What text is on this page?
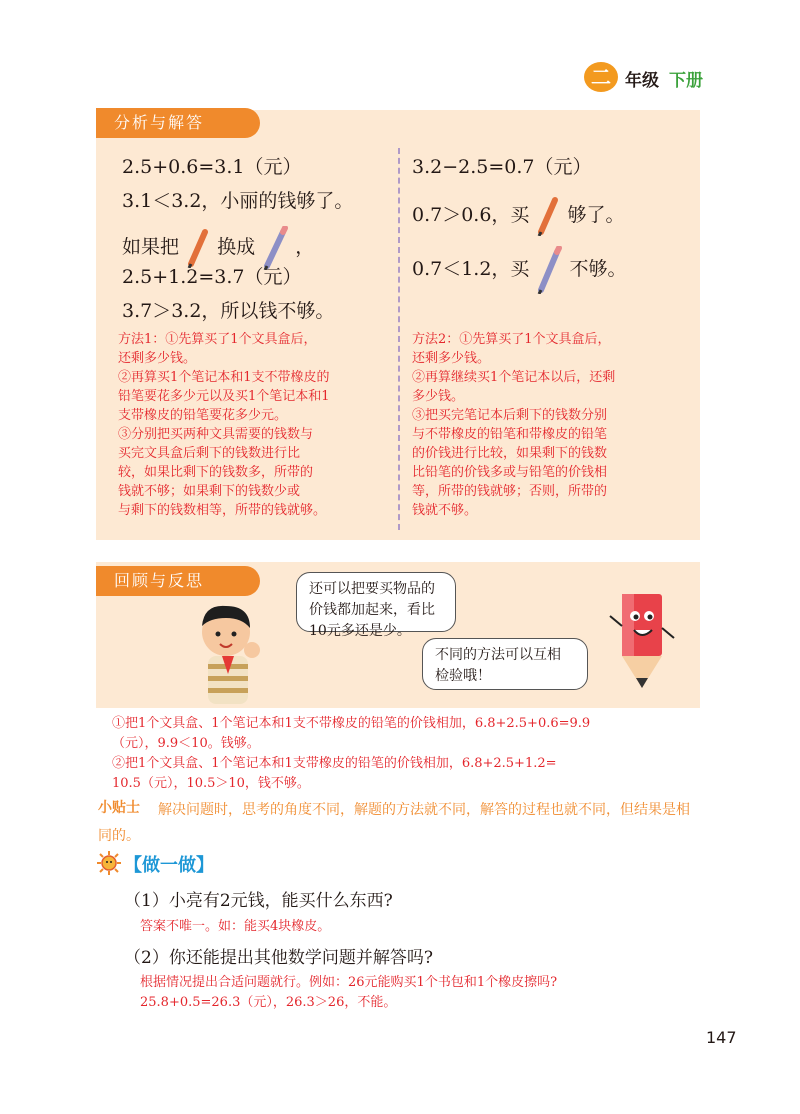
二 年级 下册
分析与解答
2.5+0.6=3.1（元）
3.1＜3.2，小丽的钱够了。
如果把 换成 ，
2.5+1.2=3.7（元）
3.7＞3.2，所以钱不够。
3.2−2.5=0.7（元）
0.7＞0.6，买 够了。
0.7＜1.2，买 不够。
方法1：①先算买了1个文具盒后，
还剩多少钱。
②再算买1个笔记本和1支不带橡皮的
铅笔要花多少元以及买1个笔记本和1
支带橡皮的铅笔要花多少元。
③分别把买两种文具需要的钱数与
买完文具盒后剩下的钱数进行比
较，如果比剩下的钱数多，所带的
钱就不够；如果剩下的钱数少或
与剩下的钱数相等，所带的钱就够。
方法2：①先算买了1个文具盒后，
还剩多少钱。
②再算继续买1个笔记本以后，还剩
多少钱。
③把买完笔记本后剩下的钱数分别
与不带橡皮的铅笔和带橡皮的铅笔
的价钱进行比较，如果剩下的钱数
比铅笔的价钱多或与铅笔的价钱相
等，所带的钱就够；否则，所带的
钱就不够。
回顾与反思	还可以把要买物品的
价钱都加起来，看比
10元多还是少。
不同的方法可以互相
检验哦！
①把1个文具盒、1个笔记本和1支不带橡皮的铅笔的价钱相加，6.8+2.5+0.6=9.9
（元），9.9＜10。钱够。
②把1个文具盒、1个笔记本和1支带橡皮的铅笔的价钱相加，6.8+2.5+1.2=
10.5（元），10.5＞10，钱不够。
解决问题时，思考的角度不同，解题的方法就不同，解答的过程也就不同，但结果是相同的。
小贴士
【做一做】
（1）小亮有2元钱，能买什么东西?
答案不唯一。如：能买4块橡皮。
（2）你还能提出其他数学问题并解答吗?
根据情况提出合适问题就行。例如：26元能购买1个书包和1个橡皮擦吗?
25.8+0.5=26.3（元），26.3＞26，不能。
147
